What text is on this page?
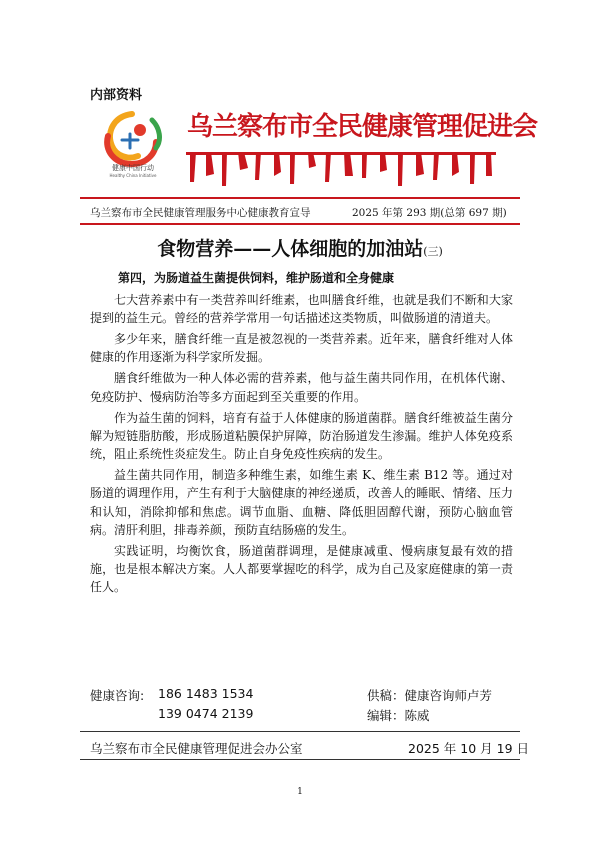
内部资料
健康中国行动
Healthy China Initiative
乌兰察布市全民健康管理促进会
乌兰察布市全民健康管理服务中心健康教育宣导	2025 年第 293 期(总第 697 期)
食物营养——人体细胞的加油站(三)
第四，为肠道益生菌提供饲料，维护肠道和全身健康

七大营养素中有一类营养叫纤维素，也叫膳食纤维，也就是我们不断和大家提到的益生元。曾经的营养学常用一句话描述这类物质，叫做肠道的清道夫。

多少年来，膳食纤维一直是被忽视的一类营养素。近年来，膳食纤维对人体健康的作用逐渐为科学家所发掘。

膳食纤维做为一种人体必需的营养素，他与益生菌共同作用，在机体代谢、免疫防护、慢病防治等多方面起到至关重要的作用。

作为益生菌的饲料，培育有益于人体健康的肠道菌群。膳食纤维被益生菌分解为短链脂肪酸，形成肠道粘膜保护屏障，防治肠道发生渗漏。维护人体免疫系统，阻止系统性炎症发生。防止自身免疫性疾病的发生。

益生菌共同作用，制造多种维生素，如维生素 K、维生素 B12 等。通过对肠道的调理作用，产生有利于大脑健康的神经递质，改善人的睡眠、情绪、压力和认知，消除抑郁和焦虑。调节血脂、血糖、降低胆固醇代谢，预防心脑血管病。清肝利胆，排毒养颜，预防直结肠癌的发生。

实践证明，均衡饮食，肠道菌群调理，是健康减重、慢病康复最有效的措施，也是根本解决方案。人人都要掌握吃的科学，成为自己及家庭健康的第一责任人。

健康咨询: 186 1483 1534
139 0474 2139
供稿：健康咨询师卢芳
编辑：陈威
乌兰察布市全民健康管理促进会办公室	2025 年 10 月 19 日
1
